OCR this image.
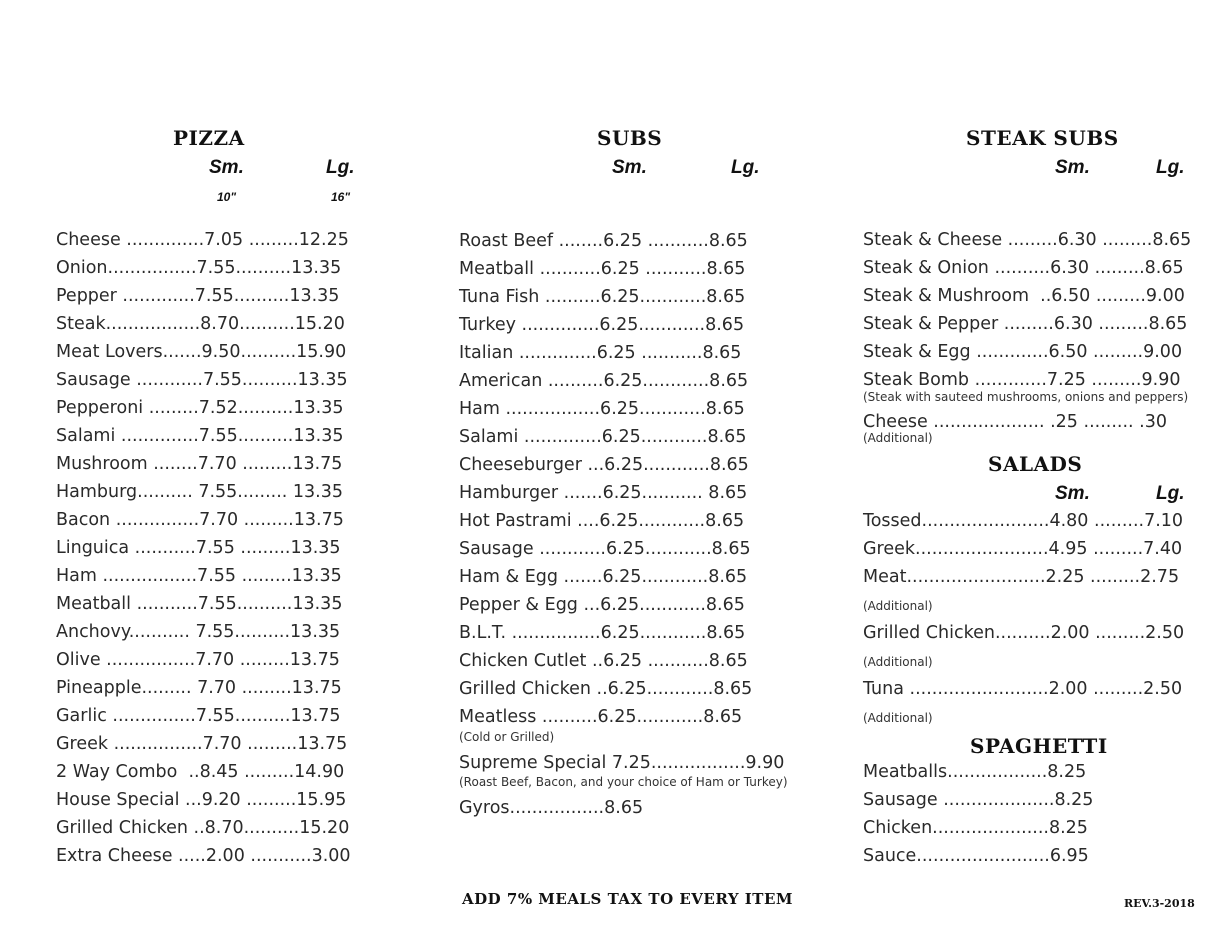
PIZZA
Sm.	Lg.
10"	16"
Cheese ..............7.05 .........12.25
Onion................7.55..........13.35
Pepper .............7.55..........13.35
Steak.................8.70..........15.20
Meat Lovers.......9.50..........15.90
Sausage ............7.55..........13.35
Pepperoni .........7.52..........13.35
Salami ..............7.55..........13.35
Mushroom ........7.70 .........13.75
Hamburg.......... 7.55......... 13.35
Bacon ...............7.70 .........13.75
Linguica ...........7.55 .........13.35
Ham .................7.55 .........13.35
Meatball ...........7.55..........13.35
Anchovy........... 7.55..........13.35
Olive ................7.70 .........13.75
Pineapple......... 7.70 .........13.75
Garlic ...............7.55..........13.75
Greek ................7.70 .........13.75
2 Way Combo  ..8.45 .........14.90
House Special ...9.20 .........15.95
Grilled Chicken ..8.70..........15.20
Extra Cheese .....2.00 ...........3.00
SUBS
Sm.	Lg.
Roast Beef ........6.25 ...........8.65
Meatball ...........6.25 ...........8.65
Tuna Fish ..........6.25............8.65
Turkey ..............6.25............8.65
Italian ..............6.25 ...........8.65
American ..........6.25............8.65
Ham .................6.25............8.65
Salami ..............6.25............8.65
Cheeseburger ...6.25............8.65
Hamburger .......6.25........... 8.65
Hot Pastrami ....6.25............8.65
Sausage ............6.25............8.65
Ham & Egg .......6.25............8.65
Pepper & Egg ...6.25............8.65
B.L.T. ................6.25............8.65
Chicken Cutlet ..6.25 ...........8.65
Grilled Chicken ..6.25............8.65
Meatless ..........6.25............8.65
(Cold or Grilled)
Supreme Special 7.25.................9.90
(Roast Beef, Bacon, and your choice of Ham or Turkey)
Gyros.................8.65
STEAK SUBS
Sm.	Lg.
Steak & Cheese .........6.30 .........8.65
Steak & Onion ..........6.30 .........8.65
Steak & Mushroom  ..6.50 .........9.00
Steak & Pepper .........6.30 .........8.65
Steak & Egg .............6.50 .........9.00
Steak Bomb .............7.25 .........9.90
(Steak with sauteed mushrooms, onions and peppers)
Cheese .................... .25 ......... .30
(Additional)
SALADS
Sm.	Lg.
Tossed.......................4.80 .........7.10
Greek........................4.95 .........7.40
Meat.........................2.25 .........2.75
(Additional)
Grilled Chicken..........2.00 .........2.50
(Additional)
Tuna .........................2.00 .........2.50
(Additional)
SPAGHETTI
Meatballs..................8.25
Sausage ....................8.25
Chicken.....................8.25
Sauce........................6.95
ADD 7% MEALS TAX TO EVERY ITEM	REV.3-2018
